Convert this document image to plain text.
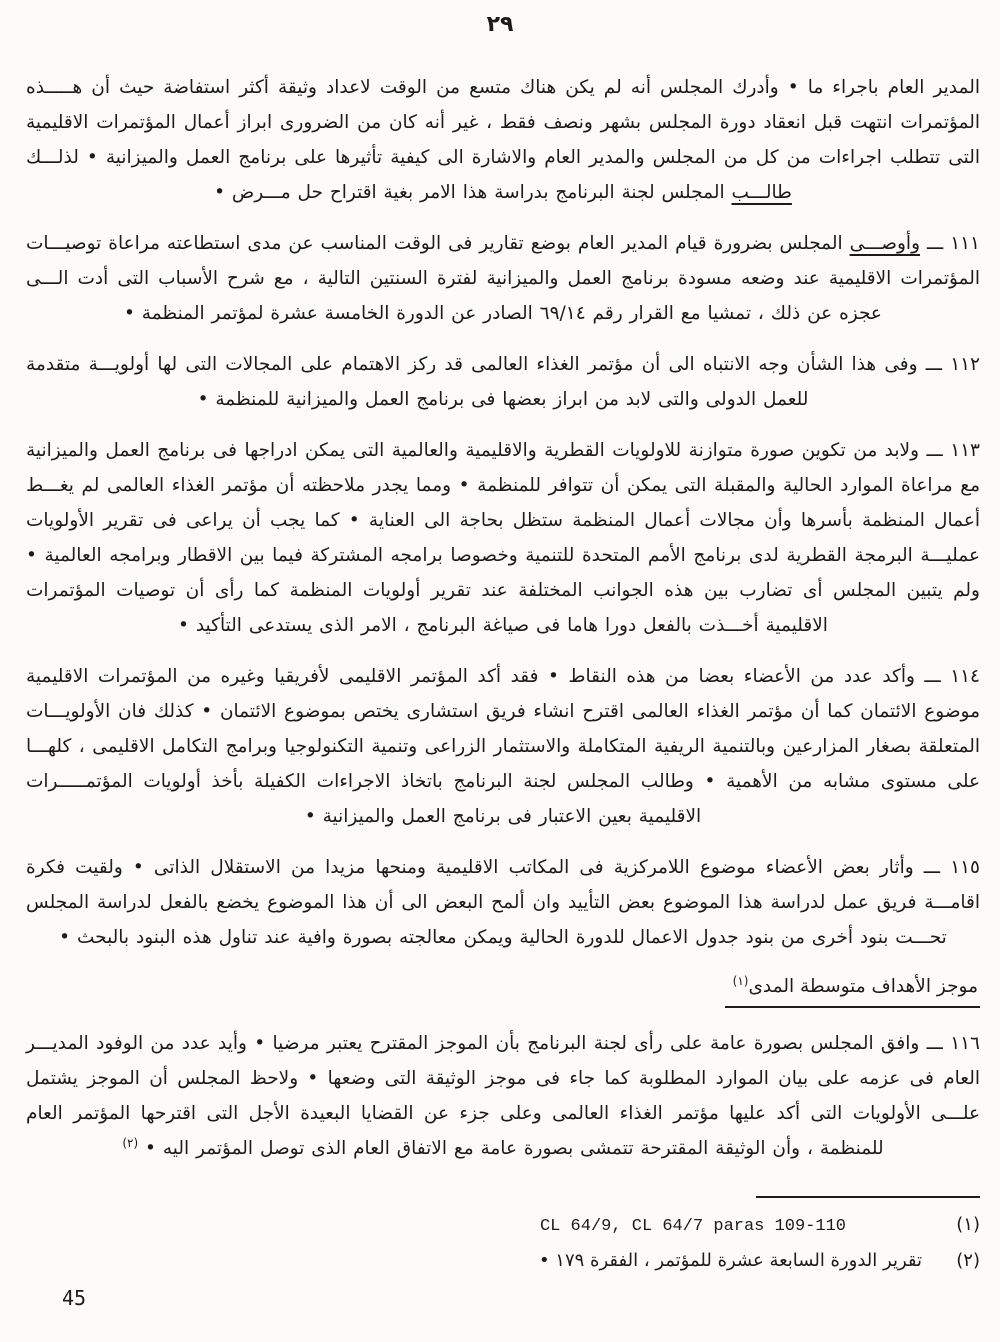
٢٩

المدير العام باجراء ما • وأدرك المجلس أنه لم يكن هناك متسع من الوقت لاعداد وثيقة أكثر استفاضة حيث أن هـــــذه المؤتمرات انتهت قبل انعقاد دورة المجلس بشهر ونصف فقط ، غير أنه كان من الضرورى ابراز أعمال المؤتمرات الاقليمية التى تتطلب اجراءات من كل من المجلس والمدير العام والاشارة الى كيفية تأثيرها على برنامج العمل والميزانية • لذلـــك طالـــب المجلس لجنة البرنامج بدراسة هذا الامر بغية اقتراح حل مـــرض •

١١١ ـــ وأوصـــى المجلس بضرورة قيام المدير العام بوضع تقارير فى الوقت المناسب عن مدى استطاعته مراعاة توصيـــات المؤتمرات الاقليمية عند وضعه مسودة برنامج العمل والميزانية لفترة السنتين التالية ، مع شرح الأسباب التى أدت الـــى عجزه عن ذلك ، تمشيا مع القرار رقم ٦٩/١٤ الصادر عن الدورة الخامسة عشرة لمؤتمر المنظمة •

١١٢ ـــ وفى هذا الشأن وجه الانتباه الى أن مؤتمر الغذاء العالمى قد ركز الاهتمام على المجالات التى لها أولويـــة متقدمة للعمل الدولى والتى لابد من ابراز بعضها فى برنامج العمل والميزانية للمنظمة •

١١٣ ـــ ولابد من تكوين صورة متوازنة للاولويات القطرية والاقليمية والعالمية التى يمكن ادراجها فى برنامج العمل والميزانية مع مراعاة الموارد الحالية والمقبلة التى يمكن أن تتوافر للمنظمة • ومما يجدر ملاحظته أن مؤتمر الغذاء العالمى لم يغـــط أعمال المنظمة بأسرها وأن مجالات أعمال المنظمة ستظل بحاجة الى العناية • كما يجب أن يراعى فى تقرير الأولويات عمليـــة البرمجة القطرية لدى برنامج الأمم المتحدة للتنمية وخصوصا برامجه المشتركة فيما بين الاقطار وبرامجه العالمية • ولم يتبين المجلس أى تضارب بين هذه الجوانب المختلفة عند تقرير أولويات المنظمة كما رأى أن توصيات المؤتمرات الاقليمية أخـــذت بالفعل دورا هاما فى صياغة البرنامج ، الامر الذى يستدعى التأكيد •

١١٤ ـــ وأكد عدد من الأعضاء بعضا من هذه النقاط • فقد أكد المؤتمر الاقليمى لأفريقيا وغيره من المؤتمرات الاقليمية موضوع الائتمان كما أن مؤتمر الغذاء العالمى اقترح انشاء فريق استشارى يختص بموضوع الائتمان • كذلك فان الأولويـــات المتعلقة بصغار المزارعين وبالتنمية الريفية المتكاملة والاستثمار الزراعى وتنمية التكنولوجيا وبرامج التكامل الاقليمى ، كلهـــا على مستوى مشابه من الأهمية • وطالب المجلس لجنة البرنامج باتخاذ الاجراءات الكفيلة بأخذ أولويات المؤتمـــــرات الاقليمية بعين الاعتبار فى برنامج العمل والميزانية •

١١٥ ـــ وأثار بعض الأعضاء موضوع اللامركزية فى المكاتب الاقليمية ومنحها مزيدا من الاستقلال الذاتى • ولقيت فكرة اقامـــة فريق عمل لدراسة هذا الموضوع بعض التأييد وان ألمح البعض الى أن هذا الموضوع يخضع بالفعل لدراسة المجلس تحـــت بنود أخرى من بنود جدول الاعمال للدورة الحالية ويمكن معالجته بصورة وافية عند تناول هذه البنود بالبحث •

موجز الأهداف متوسطة المدى$^{(١)}$

١١٦ ـــ وافق المجلس بصورة عامة على رأى لجنة البرنامج بأن الموجز المقترح يعتبر مرضيا • وأيد عدد من الوفود المديـــر العام فى عزمه على بيان الموارد المطلوبة كما جاء فى موجز الوثيقة التى وضعها • ولاحظ المجلس أن الموجز يشتمل علـــى الأولويات التى أكد عليها مؤتمر الغذاء العالمى وعلى جزء عن القضايا البعيدة الأجل التى اقترحها المؤتمر العام للمنظمة ، وأن الوثيقة المقترحة تتمشى بصورة عامة مع الاتفاق العام الذى توصل المؤتمر اليه • $^{(٢)}$

(١)
CL 64/9, CL 64/7 paras 109-110
(٢)
تقرير الدورة السابعة عشرة للمؤتمر ، الفقرة ١٧٩ •
45
